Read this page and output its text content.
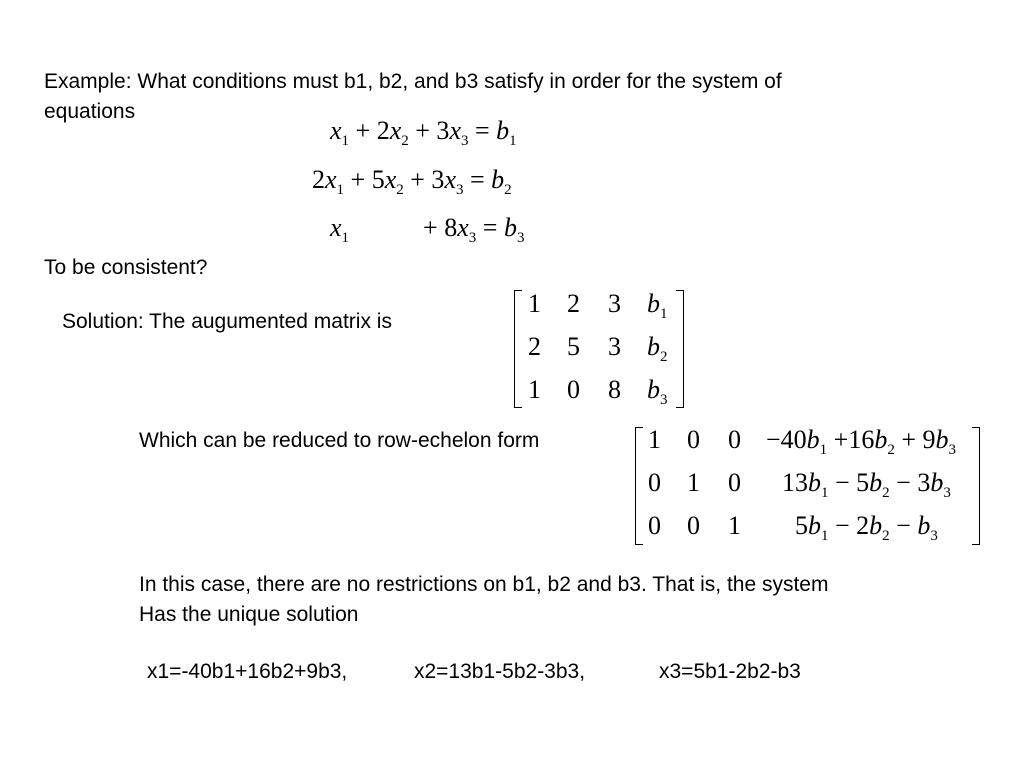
Example: What conditions must b1, b2, and b3 satisfy in order for the system of
equations
$x_1 + 2x_2 + 3x_3 = b_1$
$2x_1 + 5x_2 + 3x_3 = b_2$
$x_1$	+ $8x_3 = b_3$
To be consistent?
Solution: The augumented matrix is
1 2 3 $b_1$
2 5 3 $b_2$
1 0 8 $b_3$
Which can be reduced to row-echelon form	1 0 $0 -40b_1 +16b_2 + 9b_3$
0 1 0 $13b_1 - 5b_2 - 3b_3$
0 0 1 $5b_1 - 2b_2 - b_3$
In this case, there are no restrictions on b1, b2 and b3. That is, the system
Has the unique solution
x1=-40b1+16b2+9b3,	x2=13b1-5b2-3b3,	x3=5b1-2b2-b3
